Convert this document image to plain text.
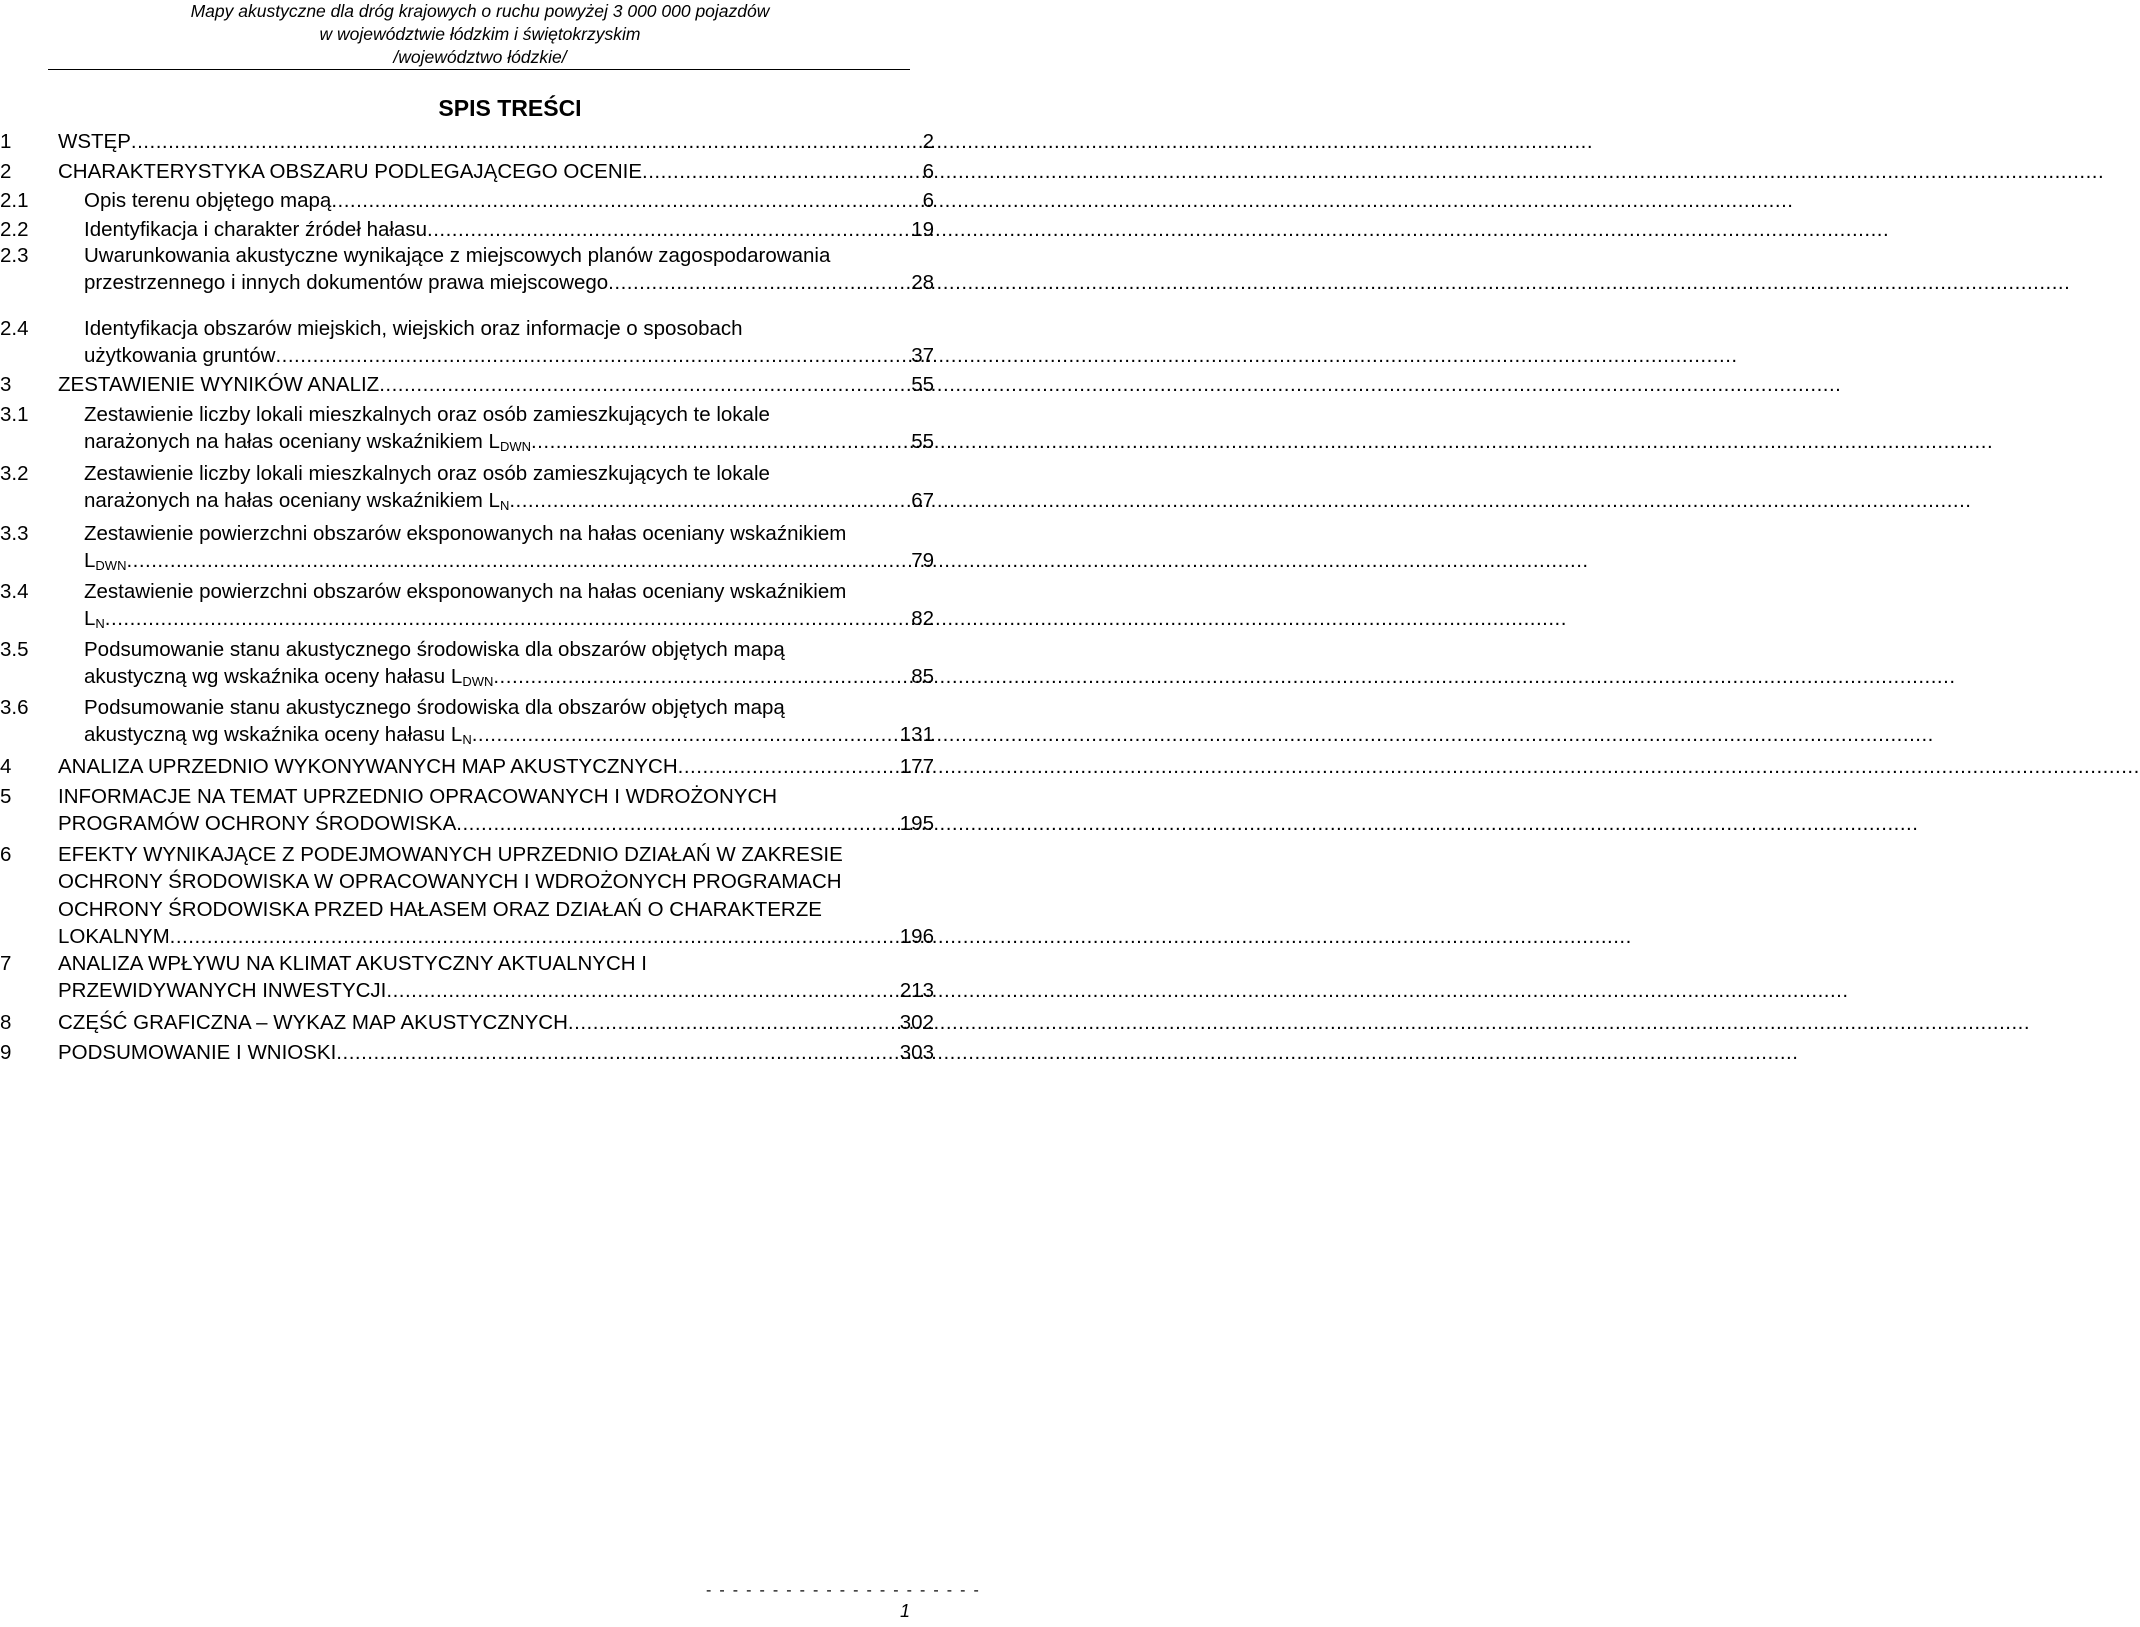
Mapy akustyczne dla dróg krajowych o ruchu powyżej 3 000 000 pojazdów
w województwie łódzkim i świętokrzyskim
/województwo łódzkie/
SPIS TREŚCI
1 WSTĘP .....	2
2 CHARAKTERYSTYKA OBSZARU PODLEGAJĄCEGO OCENIE .....	6
2.1	Opis terenu objętego mapą .....	6
2.2	Identyfikacja i charakter źródeł hałasu .....	19
2.3	Uwarunkowania akustyczne wynikające z miejscowych planów zagospodarowania
przestrzennego i innych dokumentów prawa miejscowego .....	28
2.4	Identyfikacja obszarów miejskich, wiejskich oraz informacje o sposobach
użytkowania gruntów .....	37
3 ZESTAWIENIE WYNIKÓW ANALIZ .....	55
3.1	Zestawienie liczby lokali mieszkalnych oraz osób zamieszkujących te lokale
narażonych na hałas oceniany wskaźnikiem $L_{DWN}$ .....	55
3.2	Zestawienie liczby lokali mieszkalnych oraz osób zamieszkujących te lokale
narażonych na hałas oceniany wskaźnikiem $L_N$ .....	67
3.3	Zestawienie powierzchni obszarów eksponowanych na hałas oceniany wskaźnikiem
$L_{DWN}$ .....	79
3.4	Zestawienie powierzchni obszarów eksponowanych na hałas oceniany wskaźnikiem
$L_N$ .....	82
3.5	Podsumowanie stanu akustycznego środowiska dla obszarów objętych mapą
akustyczną wg wskaźnika oceny hałasu $L_{DWN}$ .....	85
3.6	Podsumowanie stanu akustycznego środowiska dla obszarów objętych mapą
akustyczną wg wskaźnika oceny hałasu $L_N$ .....	131
4 ANALIZA UPRZEDNIO WYKONYWANYCH MAP AKUSTYCZNYCH .....	177
5 INFORMACJE NA TEMAT UPRZEDNIO OPRACOWANYCH I WDROŻONYCH
PROGRAMÓW OCHRONY ŚRODOWISKA .....	195
6 EFEKTY WYNIKAJĄCE Z PODEJMOWANYCH UPRZEDNIO DZIAŁAŃ W ZAKRESIE
OCHRONY ŚRODOWISKA W OPRACOWANYCH I WDROŻONYCH PROGRAMACH
OCHRONY ŚRODOWISKA PRZED HAŁASEM ORAZ DZIAŁAŃ O CHARAKTERZE
LOKALNYM .....	196
7 ANALIZA WPŁYWU NA KLIMAT AKUSTYCZNY AKTUALNYCH I
PRZEWIDYWANYCH INWESTYCJI .....	213
8 CZĘŚĆ GRAFICZNA – WYKAZ MAP AKUSTYCZNYCH .....	302
9 PODSUMOWANIE I WNIOSKI .....	303
- - - - - - - - - - - - - - - - - - - - -
1
